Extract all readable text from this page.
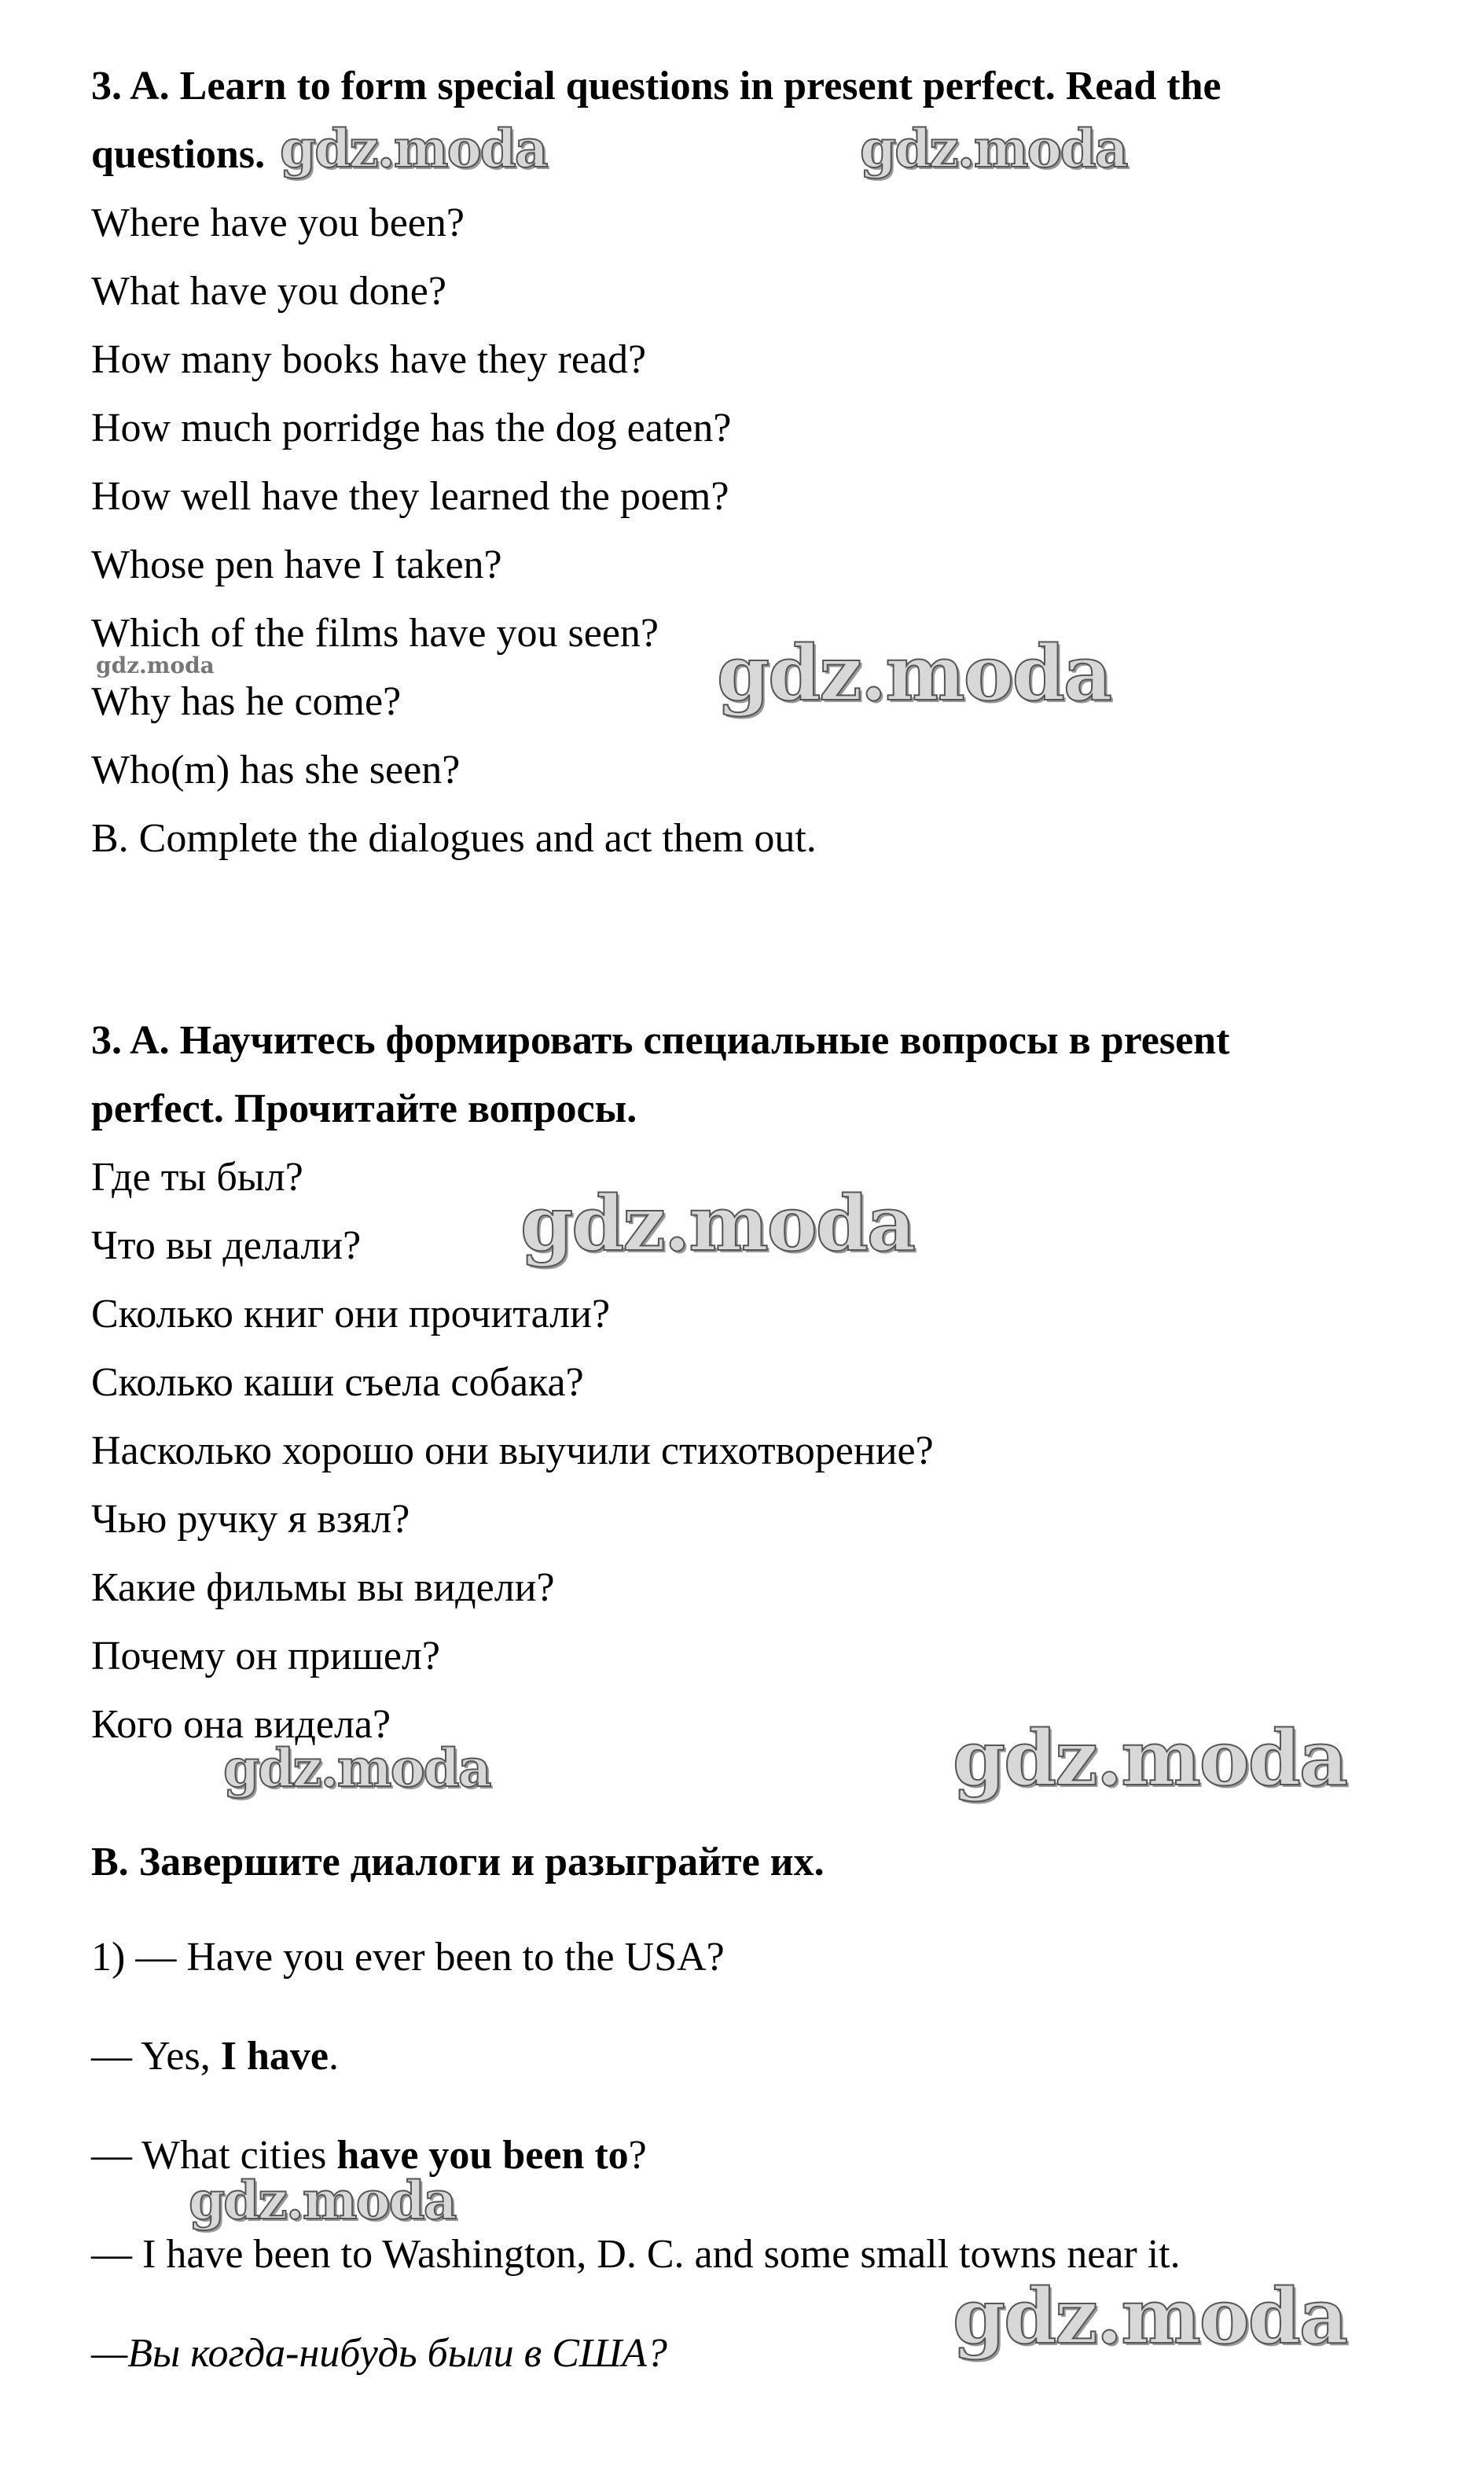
3. A. Learn to form special questions in present perfect. Read the

questions.

Where have you been?

What have you done?

How many books have they read?

How much porridge has the dog eaten?

How well have they learned the poem?

Whose pen have I taken?

Which of the films have you seen?

Why has he come?

Who(m) has she seen?

B. Complete the dialogues and act them out.

3. A. Научитесь формировать специальные вопросы в present

perfect. Прочитайте вопросы.

Где ты был?

Что вы делали?

Сколько книг они прочитали?

Сколько каши съела собака?

Насколько хорошо они выучили стихотворение?

Чью ручку я взял?

Какие фильмы вы видели?

Почему он пришел?

Кого она видела?

B. Завершите диалоги и разыграйте их.

1) — Have you ever been to the USA?

— Yes, I have.

— What cities have you been to?

— I have been to Washington, D. C. and some small towns near it.

—Вы когда-нибудь были в США?

gdz.moda	gdz.moda
gdz.moda	gdz.moda
gdz.moda
gdz.moda	gdz.moda
gdz.moda
gdz.moda
